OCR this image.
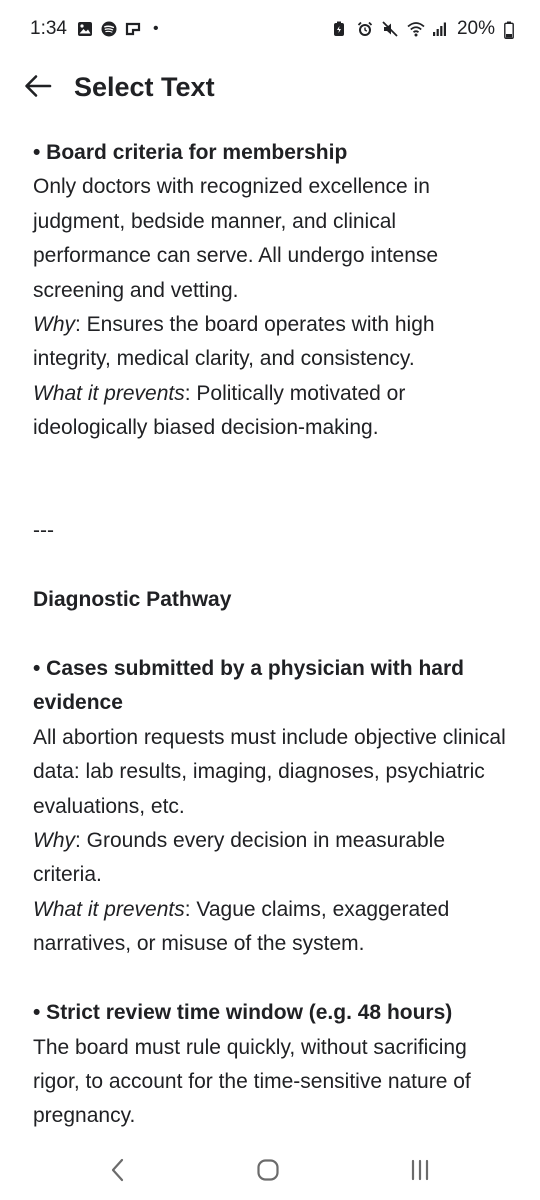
1:34	•	20%
Select Text

• Board criteria for membership

Only doctors with recognized excellence in judgment, bedside manner, and clinical performance can serve. All undergo intense screening and vetting.

Why: Ensures the board operates with high integrity, medical clarity, and consistency.

What it prevents: Politically motivated or ideologically biased decision-making.

---

Diagnostic Pathway

• Cases submitted by a physician with hard evidence

All abortion requests must include objective clinical data: lab results, imaging, diagnoses, psychiatric evaluations, etc.

Why: Grounds every decision in measurable criteria.

What it prevents: Vague claims, exaggerated narratives, or misuse of the system.

• Strict review time window (e.g. 48 hours)

The board must rule quickly, without sacrificing rigor, to account for the time-sensitive nature of pregnancy.
